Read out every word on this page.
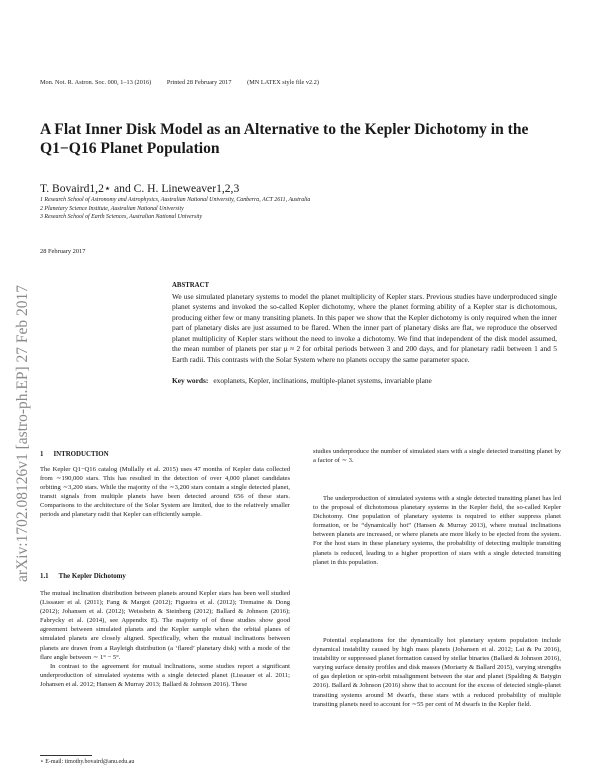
Mon. Not. R. Astron. Soc. 000, 1–13 (2016)	Printed 28 February 2017	(MN LATEX style file v2.2)
arXiv:1702.08126v1 [astro-ph.EP] 27 Feb 2017
A Flat Inner Disk Model as an Alternative to the Kepler Dichotomy in the Q1−Q16 Planet Population
T. Bovaird1,2⋆ and C. H. Lineweaver1,2,3
1 Research School of Astronomy and Astrophysics, Australian National University, Canberra, ACT 2611, Australia
2 Planetary Science Institute, Australian National University
3 Research School of Earth Sciences, Australian National University
28 February 2017
ABSTRACT
We use simulated planetary systems to model the planet multiplicity of Kepler stars. Previous studies have underproduced single planet systems and invoked the so-called Kepler dichotomy, where the planet forming ability of a Kepler star is dichotomous, producing either few or many transiting planets. In this paper we show that the Kepler dichotomy is only required when the inner part of planetary disks are just assumed to be flared. When the inner part of planetary disks are flat, we reproduce the observed planet multiplicity of Kepler stars without the need to invoke a dichotomy. We find that independent of the disk model assumed, the mean number of planets per star μ ≈ 2 for orbital periods between 3 and 200 days, and for planetary radii between 1 and 5 Earth radii. This contrasts with the Solar System where no planets occupy the same parameter space.
Key words: exoplanets, Kepler, inclinations, multiple-planet systems, invariable plane
1 INTRODUCTION

The Kepler Q1−Q16 catalog (Mullally et al. 2015) uses 47 months of Kepler data collected from ∼190,000 stars. This has resulted in the detection of over 4,000 planet candidates orbiting ∼3,200 stars. While the majority of the ∼3,200 stars contain a single detected planet, transit signals from multiple planets have been detected around 656 of these stars. Comparisons to the architecture of the Solar System are limited, due to the relatively smaller periods and planetary radii that Kepler can efficiently sample.

1.1 The Kepler Dichotomy

The mutual inclination distribution between planets around Kepler stars has been well studied (Lissauer et al. (2011); Fang & Margot (2012); Figueira et al. (2012); Tremaine & Dong (2012); Johansen et al. (2012); Weissbein & Steinberg (2012); Ballard & Johnson (2016); Fabrycky et al. (2014), see Appendix E). The majority of of these studies show good agreement between simulated planets and the Kepler sample when the orbital planes of simulated planets are closely aligned. Specifically, when the mutual inclinations between planets are drawn from a Rayleigh distribution (a ‘flared’ planetary disk) with a mode of the flare angle between ∼ 1° − 5°.

In contrast to the agreement for mutual inclinations, some studies report a significant underproduction of simulated systems with a single detected planet (Lissauer et al. 2011; Johansen et al. 2012; Hansen & Murray 2013; Ballard & Johnson 2016). These

⋆ E-mail: timothy.bovaird@anu.edu.au

studies underproduce the number of simulated stars with a single detected transiting planet by a factor of ∼ 3.

The underproduction of simulated systems with a single detected transiting planet has led to the proposal of dichotomous planetary systems in the Kepler field, the so-called Kepler Dichotomy. One population of planetary systems is required to either suppress planet formation, or be “dynamically hot” (Hansen & Murray 2013), where mutual inclinations between planets are increased, or where planets are more likely to be ejected from the system. For the host stars in these planetary systems, the probability of detecting multiple transiting planets is reduced, leading to a higher proportion of stars with a single detected transiting planet in this population.

Potential explanations for the dynamically hot planetary system population include dynamical instability caused by high mass planets (Johansen et al. 2012; Lai & Pu 2016), instability or suppressed planet formation caused by stellar binaries (Ballard & Johnson 2016), varying surface density profiles and disk masses (Moriarty & Ballard 2015), varying strengths of gas depletion or spin-orbit misalignment between the star and planet (Spalding & Batygin 2016). Ballard & Johnson (2016) show that to account for the excess of detected single-planet transiting systems around M dwarfs, these stars with a reduced probability of multiple transiting planets need to account for ∼55 per cent of M dwarfs in the Kepler field.
